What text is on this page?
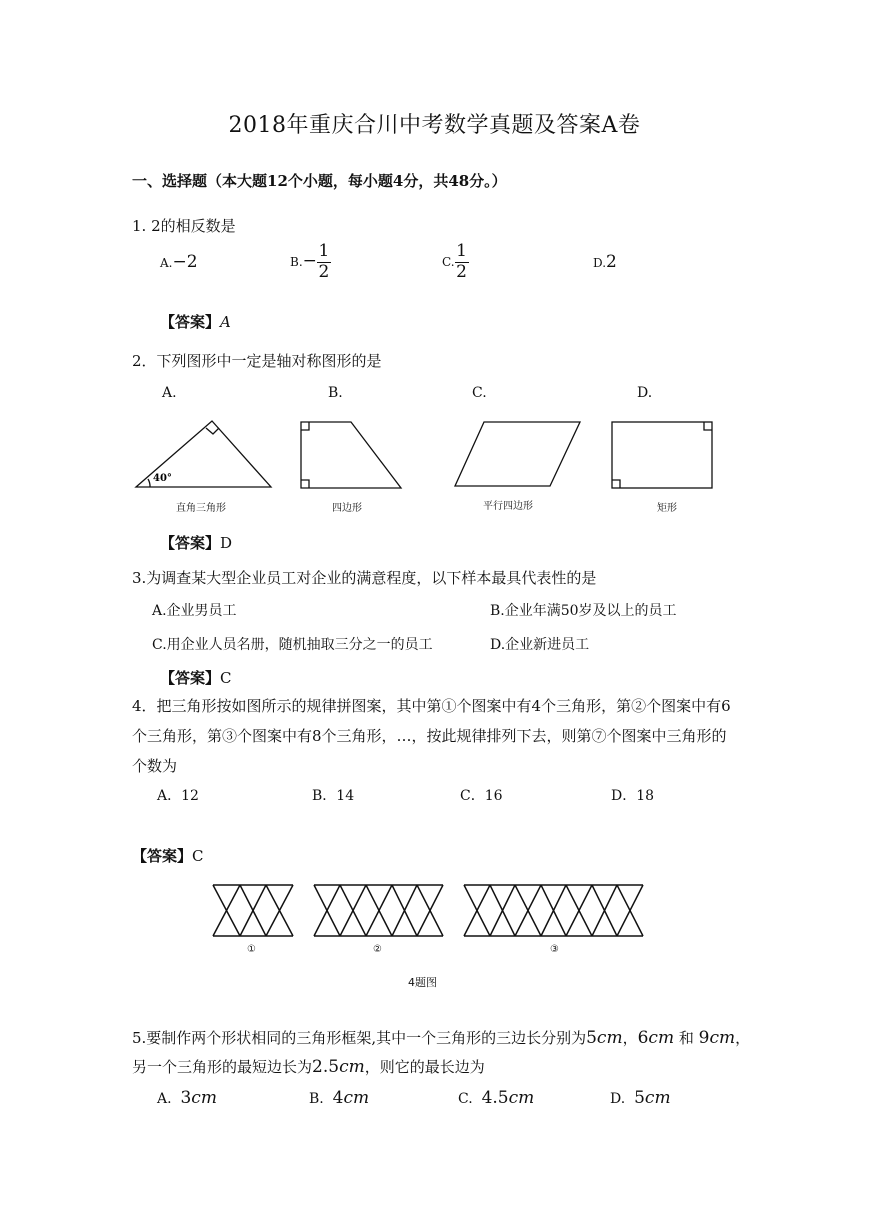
2018年重庆合川中考数学真题及答案A卷
一、选择题（本大题12个小题，每小题4分，共48分。）
1. 2的相反数是
A.−2	$B.- \frac{1}{2}$	C. $\frac{1}{2}$	D.2
【答案】A
2．下列图形中一定是轴对称图形的是
A.	B.	C.	D.
40°
直角三角形	四边形	平行四边形	矩形
【答案】D
3.为调查某大型企业员工对企业的满意程度，以下样本最具代表性的是
A.企业男员工	B.企业年满50岁及以上的员工
C.用企业人员名册，随机抽取三分之一的员工	D.企业新进员工
【答案】C
4．把三角形按如图所示的规律拼图案，其中第①个图案中有4个三角形，第②个图案中有6
个三角形，第③个图案中有8个三角形，…，按此规律排列下去，则第⑦个图案中三角形的
个数为
A．12	B．14	C．16	D．18
【答案】C
①	②	③
4题图
5.要制作两个形状相同的三角形框架,其中一个三角形的三边长分别为5cm，6cm 和 9cm，
另一个三角形的最短边长为2.5cm，则它的最长边为
A. 3cm	B. 4cm	C. 4.5cm	D. 5cm
